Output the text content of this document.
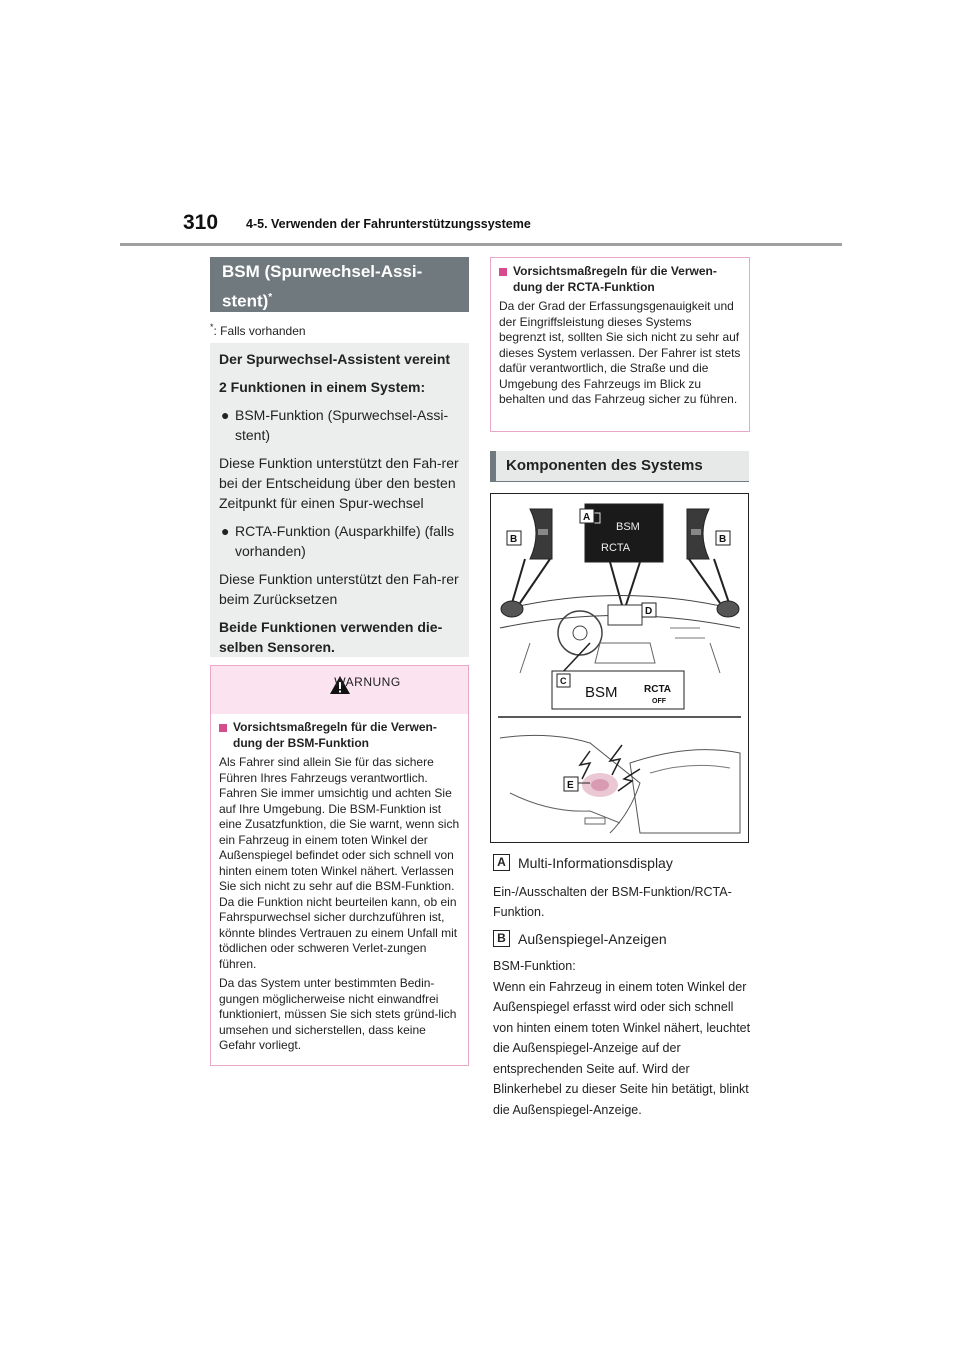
310 4-5. Verwenden der Fahrunterstützungssysteme
BSM (Spurwechsel-Assi-
stent)*
*: Falls vorhanden

Der Spurwechsel-Assistent vereint

2 Funktionen in einem System:

● BSM-Funktion (Spurwechsel-Assi-stent)

Diese Funktion unterstützt den Fah-rer bei der Entscheidung über den besten Zeitpunkt für einen Spur-wechsel

● RCTA-Funktion (Ausparkhilfe) (falls vorhanden)

Diese Funktion unterstützt den Fah-rer beim Zurücksetzen

Beide Funktionen verwenden die-selben Sensoren.

WARNUNG
Vorsichtsmaßregeln für die Verwen-dung der BSM-Funktion

Als Fahrer sind allein Sie für das sichere Führen Ihres Fahrzeugs verantwortlich. Fahren Sie immer umsichtig und achten Sie auf Ihre Umgebung. Die BSM-Funktion ist eine Zusatzfunktion, die Sie warnt, wenn sich ein Fahrzeug in einem toten Winkel der Außenspiegel befindet oder sich schnell von hinten einem toten Winkel nähert. Verlassen Sie sich nicht zu sehr auf die BSM-Funktion. Da die Funktion nicht beurteilen kann, ob ein Fahrspurwechsel sicher durchzuführen ist, könnte blindes Vertrauen zu einem Unfall mit tödlichen oder schweren Verlet-zungen führen.

Da das System unter bestimmten Bedin-gungen möglicherweise nicht einwandfrei funktioniert, müssen Sie sich stets gründ-lich umsehen und sicherstellen, dass keine Gefahr vorliegt.

Vorsichtsmaßregeln für die Verwen-dung der RCTA-Funktion

Da der Grad der Erfassungsgenauigkeit und der Eingriffsleistung dieses Systems begrenzt ist, sollten Sie sich nicht zu sehr auf dieses System verlassen. Der Fahrer ist stets dafür verantwortlich, die Straße und die Umgebung des Fahrzeugs im Blick zu behalten und das Fahrzeug sicher zu führen.

Komponenten des Systems
BSM
RCTA
A
B	B
D
C
BSM	RCTA
OFF
E
A Multi-Informationsdisplay
Ein-/Ausschalten der BSM-Funktion/RCTA-Funktion.
B Außenspiegel-Anzeigen

BSM-Funktion:

Wenn ein Fahrzeug in einem toten Winkel der Außenspiegel erfasst wird oder sich schnell von hinten einem toten Winkel nähert, leuchtet die Außenspiegel-Anzeige auf der entsprechenden Seite auf. Wird der Blinkerhebel zu dieser Seite hin betätigt, blinkt die Außenspiegel-Anzeige.
